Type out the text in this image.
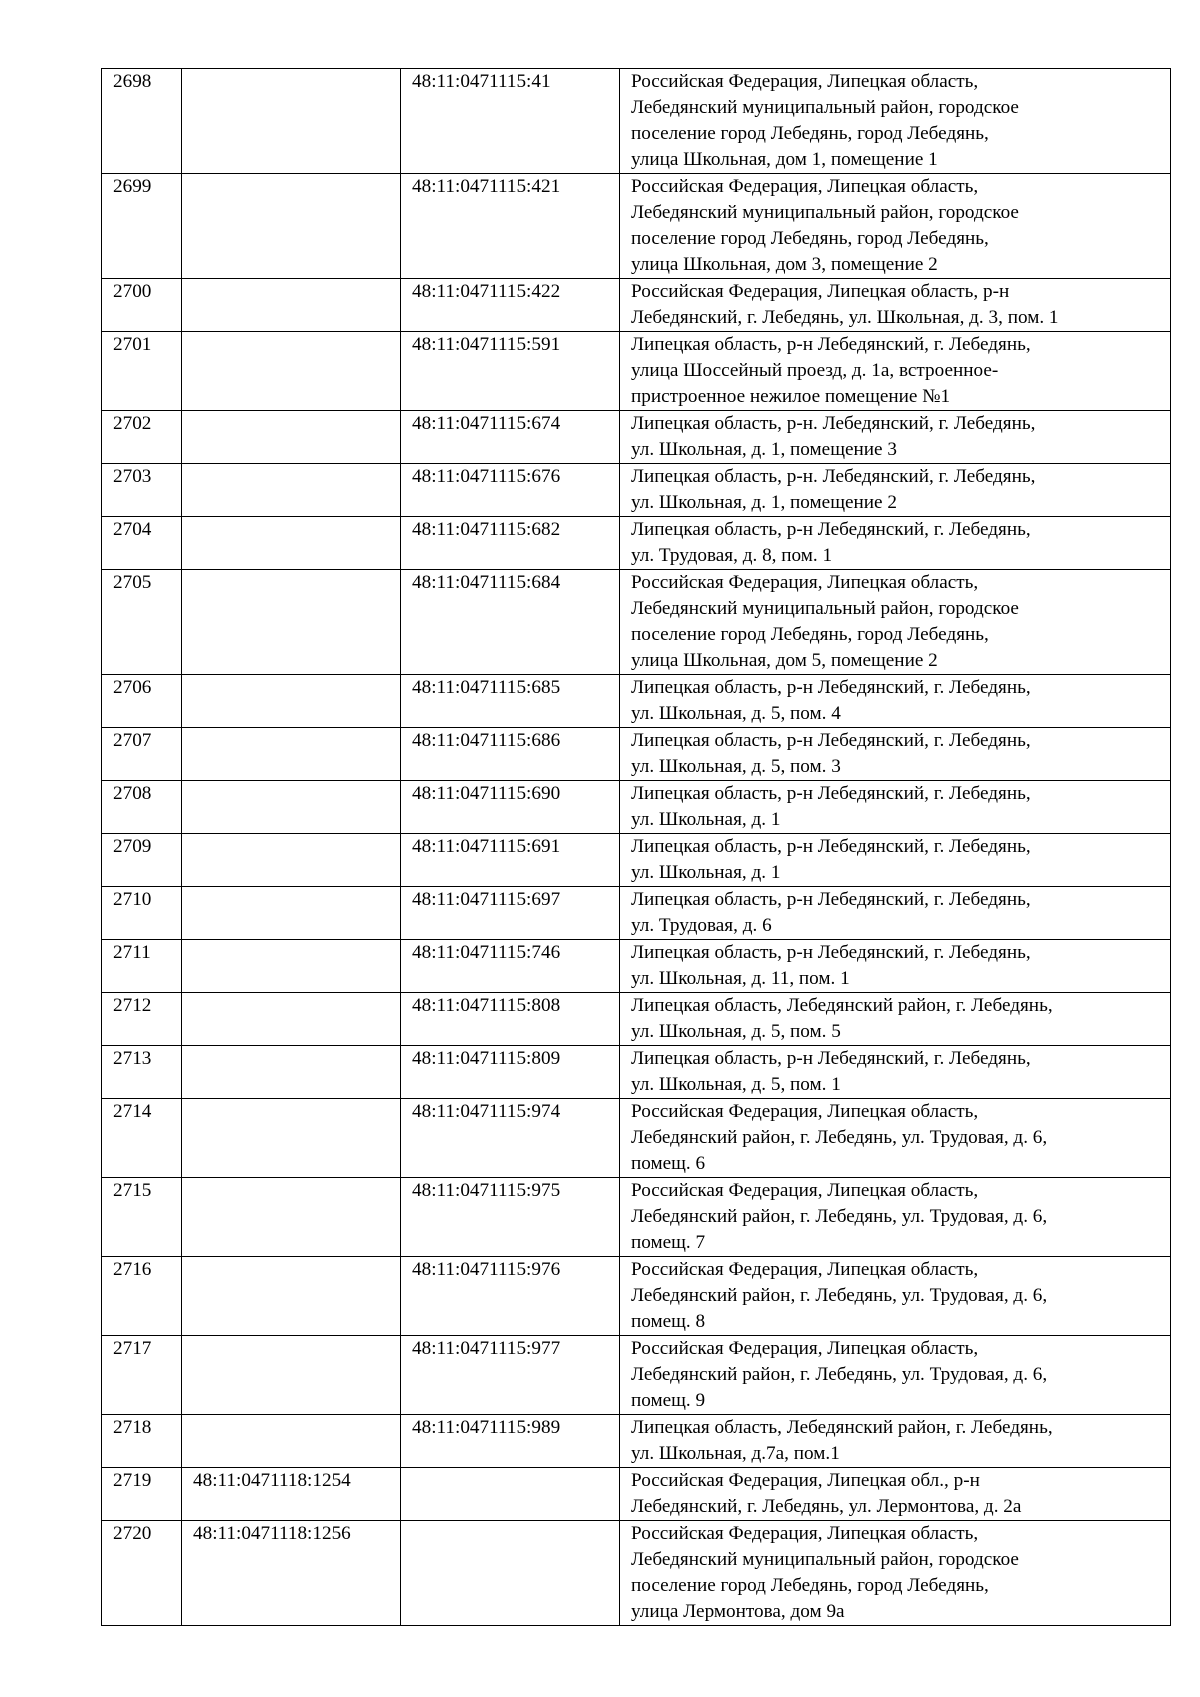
2698		48:11:0471115:41	Российская Федерация, Липецкая область,
Лебедянский муниципальный район, городское
поселение город Лебедянь, город Лебедянь,
улица Школьная, дом 1, помещение 1

2699		48:11:0471115:421	Российская Федерация, Липецкая область,
Лебедянский муниципальный район, городское
поселение город Лебедянь, город Лебедянь,
улица Школьная, дом 3, помещение 2

2700		48:11:0471115:422	Российская Федерация, Липецкая область, р-н
Лебедянский, г. Лебедянь, ул. Школьная, д. 3, пом. 1

2701		48:11:0471115:591	Липецкая область, р-н Лебедянский, г. Лебедянь,
улица Шоссейный проезд, д. 1а, встроенное-
пристроенное нежилое помещение №1

2702		48:11:0471115:674	Липецкая область, р-н. Лебедянский, г. Лебедянь,
ул. Школьная, д. 1, помещение 3

2703		48:11:0471115:676	Липецкая область, р-н. Лебедянский, г. Лебедянь,
ул. Школьная, д. 1, помещение 2

2704		48:11:0471115:682	Липецкая область, р-н Лебедянский, г. Лебедянь,
ул. Трудовая, д. 8, пом. 1

2705		48:11:0471115:684	Российская Федерация, Липецкая область,
Лебедянский муниципальный район, городское
поселение город Лебедянь, город Лебедянь,
улица Школьная, дом 5, помещение 2

2706		48:11:0471115:685	Липецкая область, р-н Лебедянский, г. Лебедянь,
ул. Школьная, д. 5, пом. 4

2707		48:11:0471115:686	Липецкая область, р-н Лебедянский, г. Лебедянь,
ул. Школьная, д. 5, пом. 3

2708		48:11:0471115:690	Липецкая область, р-н Лебедянский, г. Лебедянь,
ул. Школьная, д. 1

2709		48:11:0471115:691	Липецкая область, р-н Лебедянский, г. Лебедянь,
ул. Школьная, д. 1

2710		48:11:0471115:697	Липецкая область, р-н Лебедянский, г. Лебедянь,
ул. Трудовая, д. 6

2711		48:11:0471115:746	Липецкая область, р-н Лебедянский, г. Лебедянь,
ул. Школьная, д. 11, пом. 1

2712		48:11:0471115:808	Липецкая область, Лебедянский район, г. Лебедянь,
ул. Школьная, д. 5, пом. 5

2713		48:11:0471115:809	Липецкая область, р-н Лебедянский, г. Лебедянь,
ул. Школьная, д. 5, пом. 1

2714		48:11:0471115:974	Российская Федерация, Липецкая область,
Лебедянский район, г. Лебедянь, ул. Трудовая, д. 6,
помещ. 6

2715		48:11:0471115:975	Российская Федерация, Липецкая область,
Лебедянский район, г. Лебедянь, ул. Трудовая, д. 6,
помещ. 7

2716		48:11:0471115:976	Российская Федерация, Липецкая область,
Лебедянский район, г. Лебедянь, ул. Трудовая, д. 6,
помещ. 8

2717		48:11:0471115:977	Российская Федерация, Липецкая область,
Лебедянский район, г. Лебедянь, ул. Трудовая, д. 6,
помещ. 9

2718		48:11:0471115:989	Липецкая область, Лебедянский район, г. Лебедянь,
ул. Школьная, д.7а, пом.1

2719	48:11:0471118:1254		Российская Федерация, Липецкая обл., р-н
Лебедянский, г. Лебедянь, ул. Лермонтова, д. 2а

2720	48:11:0471118:1256		Российская Федерация, Липецкая область,
Лебедянский муниципальный район, городское
поселение город Лебедянь, город Лебедянь,
улица Лермонтова, дом 9а
